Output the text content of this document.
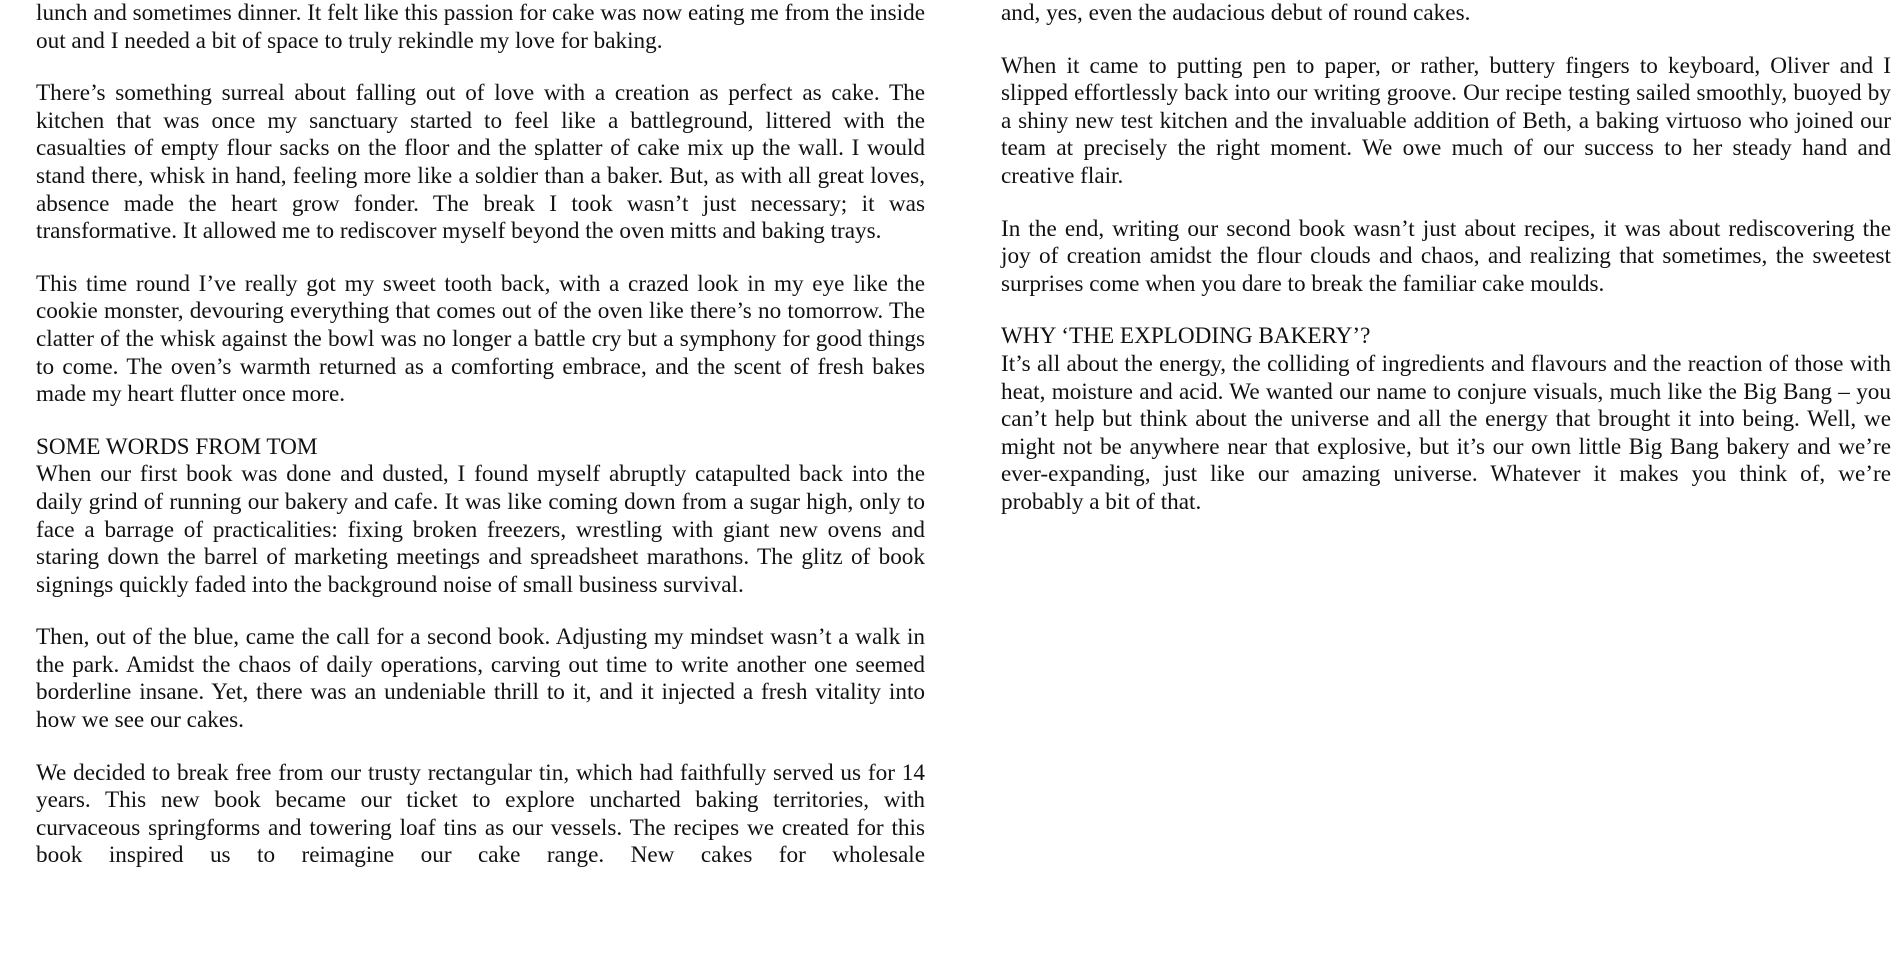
lunch and sometimes dinner. It felt like this passion for cake was now eating me from the inside out and I needed a bit of space to truly rekindle my love for baking.

There’s something surreal about falling out of love with a creation as perfect as cake. The kitchen that was once my sanctuary started to feel like a battleground, littered with the casualties of empty flour sacks on the floor and the splatter of cake mix up the wall. I would stand there, whisk in hand, feeling more like a soldier than a baker. But, as with all great loves, absence made the heart grow fonder. The break I took wasn’t just necessary; it was transformative. It allowed me to rediscover myself beyond the oven mitts and baking trays.

This time round I’ve really got my sweet tooth back, with a crazed look in my eye like the cookie monster, devouring everything that comes out of the oven like there’s no tomorrow. The clatter of the whisk against the bowl was no longer a battle cry but a symphony for good things to come. The oven’s warmth returned as a comforting embrace, and the scent of fresh bakes made my heart flutter once more.

SOME WORDS FROM TOM

When our first book was done and dusted, I found myself abruptly catapulted back into the daily grind of running our bakery and cafe. It was like coming down from a sugar high, only to face a barrage of practicalities: fixing broken freezers, wrestling with giant new ovens and staring down the barrel of marketing meetings and spreadsheet marathons. The glitz of book signings quickly faded into the background noise of small business survival.

Then, out of the blue, came the call for a second book. Adjusting my mindset wasn’t a walk in the park. Amidst the chaos of daily operations, carving out time to write another one seemed borderline insane. Yet, there was an undeniable thrill to it, and it injected a fresh vitality into how we see our cakes.

We decided to break free from our trusty rectangular tin, which had faithfully served us for 14 years. This new book became our ticket to explore uncharted baking territories, with curvaceous springforms and towering loaf tins as our vessels. The recipes we created for this book inspired us to reimagine our cake range. New cakes for wholesale

and, yes, even the audacious debut of round cakes.

When it came to putting pen to paper, or rather, buttery fingers to keyboard, Oliver and I slipped effortlessly back into our writing groove. Our recipe testing sailed smoothly, buoyed by a shiny new test kitchen and the invaluable addition of Beth, a baking virtuoso who joined our team at precisely the right moment. We owe much of our success to her steady hand and creative flair.

In the end, writing our second book wasn’t just about recipes, it was about rediscovering the joy of creation amidst the flour clouds and chaos, and realizing that sometimes, the sweetest surprises come when you dare to break the familiar cake moulds.

WHY ‘THE EXPLODING BAKERY’?

It’s all about the energy, the colliding of ingredients and flavours and the reaction of those with heat, moisture and acid. We wanted our name to conjure visuals, much like the Big Bang – you can’t help but think about the universe and all the energy that brought it into being. Well, we might not be anywhere near that explosive, but it’s our own little Big Bang bakery and we’re ever-expanding, just like our amazing universe. Whatever it makes you think of, we’re probably a bit of that.
